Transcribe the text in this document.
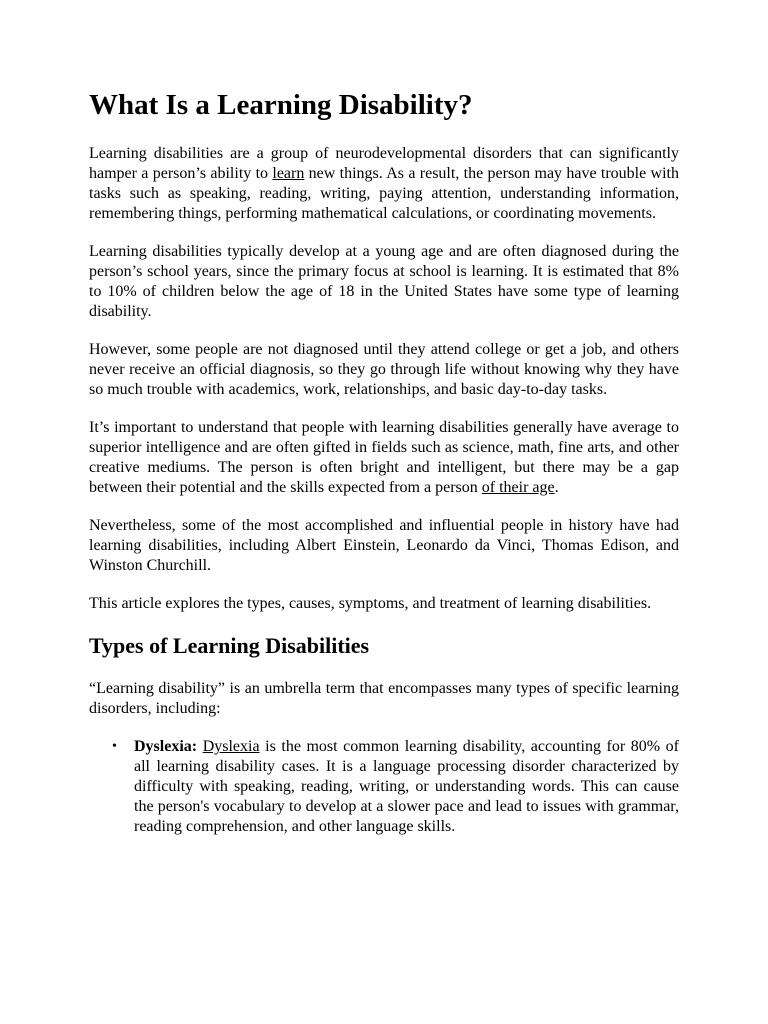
What Is a Learning Disability?

Learning disabilities are a group of neurodevelopmental disorders that can significantly hamper a person’s ability to learn new things. As a result, the person may have trouble with tasks such as speaking, reading, writing, paying attention, understanding information, remembering things, performing mathematical calculations, or coordinating movements.

Learning disabilities typically develop at a young age and are often diagnosed during the person’s school years, since the primary focus at school is learning. It is estimated that 8% to 10% of children below the age of 18 in the United States have some type of learning disability.

However, some people are not diagnosed until they attend college or get a job, and others never receive an official diagnosis, so they go through life without knowing why they have so much trouble with academics, work, relationships, and basic day-to-day tasks.

It’s important to understand that people with learning disabilities generally have average to superior intelligence and are often gifted in fields such as science, math, fine arts, and other creative mediums. The person is often bright and intelligent, but there may be a gap between their potential and the skills expected from a person of their age.

Nevertheless, some of the most accomplished and influential people in history have had learning disabilities, including Albert Einstein, Leonardo da Vinci, Thomas Edison, and Winston Churchill.

This article explores the types, causes, symptoms, and treatment of learning disabilities.

Types of Learning Disabilities

“Learning disability” is an umbrella term that encompasses many types of specific learning disorders, including:

• Dyslexia: Dyslexia is the most common learning disability, accounting for 80% of all learning disability cases. It is a language processing disorder characterized by difficulty with speaking, reading, writing, or understanding words. This can cause the person's vocabulary to develop at a slower pace and lead to issues with grammar, reading comprehension, and other language skills.
